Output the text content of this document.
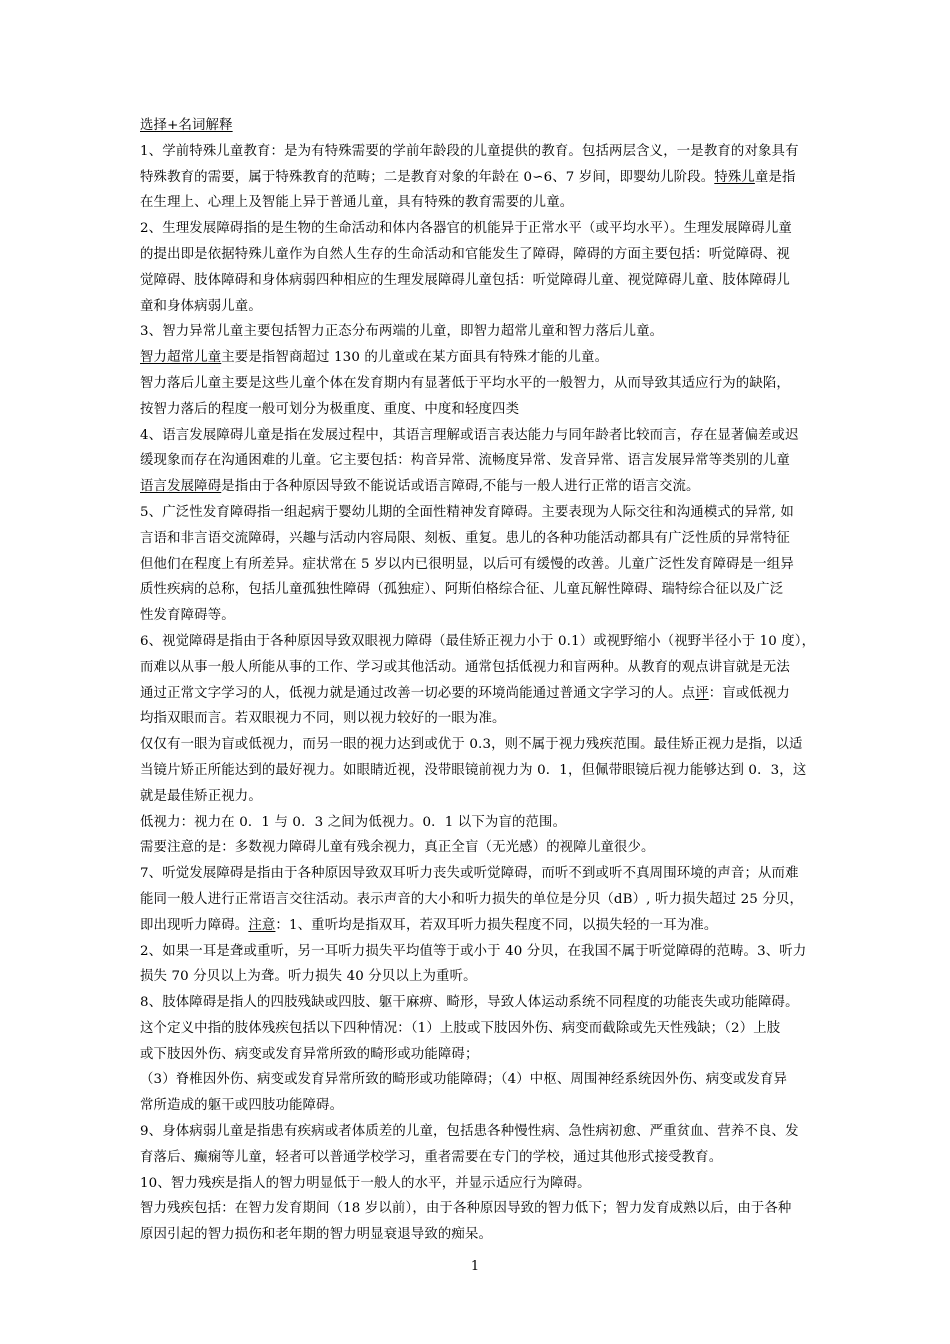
选择+名词解释
1、学前特殊儿童教育：是为有特殊需要的学前年龄段的儿童提供的教育。包括两层含义，一是教育的对象具有
特殊教育的需要，属于特殊教育的范畴；二是教育对象的年龄在 0∽6、7 岁间，即婴幼儿阶段。特殊儿童是指
在生理上、心理上及智能上异于普通儿童，具有特殊的教育需要的儿童。
2、生理发展障碍指的是生物的生命活动和体内各器官的机能异于正常水平（或平均水平）。生理发展障碍儿童
的提出即是依据特殊儿童作为自然人生存的生命活动和官能发生了障碍，障碍的方面主要包括：听觉障碍、视
觉障碍、肢体障碍和身体病弱四种相应的生理发展障碍儿童包括：听觉障碍儿童、视觉障碍儿童、肢体障碍儿
童和身体病弱儿童。
3、智力异常儿童主要包括智力正态分布两端的儿童，即智力超常儿童和智力落后儿童。
智力超常儿童主要是指智商超过 130 的儿童或在某方面具有特殊才能的儿童。
智力落后儿童主要是这些儿童个体在发育期内有显著低于平均水平的一般智力，从而导致其适应行为的缺陷，
按智力落后的程度一般可划分为极重度、重度、中度和轻度四类
4、语言发展障碍儿童是指在发展过程中，其语言理解或语言表达能力与同年龄者比较而言，存在显著偏差或迟
缓现象而存在沟通困难的儿童。它主要包括：构音异常、流畅度异常、发音异常、语言发展异常等类别的儿童
语言发展障碍是指由于各种原因导致不能说话或语言障碍,不能与一般人进行正常的语言交流。
5、广泛性发育障碍指一组起病于婴幼儿期的全面性精神发育障碍。主要表现为人际交往和沟通模式的异常, 如
言语和非言语交流障碍，兴趣与活动内容局限、刻板、重复。患儿的各种功能活动都具有广泛性质的异常特征
但他们在程度上有所差异。症状常在 5 岁以内已很明显，以后可有缓慢的改善。儿童广泛性发育障碍是一组异
质性疾病的总称，包括儿童孤独性障碍（孤独症）、阿斯伯格综合征、儿童瓦解性障碍、瑞特综合征以及广泛
性发育障碍等。
6、视觉障碍是指由于各种原因导致双眼视力障碍（最佳矫正视力小于 0.1）或视野缩小（视野半径小于 10 度），
而难以从事一般人所能从事的工作、学习或其他活动。通常包括低视力和盲两种。从教育的观点讲盲就是无法
通过正常文字学习的人，低视力就是通过改善一切必要的环境尚能通过普通文字学习的人。点评：盲或低视力
均指双眼而言。若双眼视力不同，则以视力较好的一眼为准。
仅仅有一眼为盲或低视力，而另一眼的视力达到或优于 0.3，则不属于视力残疾范围。最佳矫正视力是指，以适
当镜片矫正所能达到的最好视力。如眼睛近视，没带眼镜前视力为 0．1，但佩带眼镜后视力能够达到 0．3，这
就是最佳矫正视力。
低视力：视力在 0．1 与 0．3 之间为低视力。0．1 以下为盲的范围。
需要注意的是：多数视力障碍儿童有残余视力，真正全盲（无光感）的视障儿童很少。
7、听觉发展障碍是指由于各种原因导致双耳听力丧失或听觉障碍，而听不到或听不真周围环境的声音；从而难
能同一般人进行正常语言交往活动。表示声音的大小和听力损失的单位是分贝（dB）, 听力损失超过 25 分贝，
即出现听力障碍。注意：1、重听均是指双耳，若双耳听力损失程度不同，以损失轻的一耳为准。
2、如果一耳是聋或重听，另一耳听力损失平均值等于或小于 40 分贝，在我国不属于听觉障碍的范畴。3、听力
损失 70 分贝以上为聋。听力损失 40 分贝以上为重听。
8、肢体障碍是指人的四肢残缺或四肢、躯干麻痹、畸形，导致人体运动系统不同程度的功能丧失或功能障碍。
这个定义中指的肢体残疾包括以下四种情况：（1）上肢或下肢因外伤、病变而截除或先天性残缺；（2）上肢
或下肢因外伤、病变或发育异常所致的畸形或功能障碍；
（3）脊椎因外伤、病变或发育异常所致的畸形或功能障碍；（4）中枢、周围神经系统因外伤、病变或发育异
常所造成的躯干或四肢功能障碍。
9、身体病弱儿童是指患有疾病或者体质差的儿童，包括患各种慢性病、急性病初愈、严重贫血、营养不良、发
育落后、癫痫等儿童，轻者可以普通学校学习，重者需要在专门的学校，通过其他形式接受教育。
10、智力残疾是指人的智力明显低于一般人的水平，并显示适应行为障碍。
智力残疾包括：在智力发育期间（18 岁以前），由于各种原因导致的智力低下；智力发育成熟以后，由于各种
原因引起的智力损伤和老年期的智力明显衰退导致的痴呆。
1
